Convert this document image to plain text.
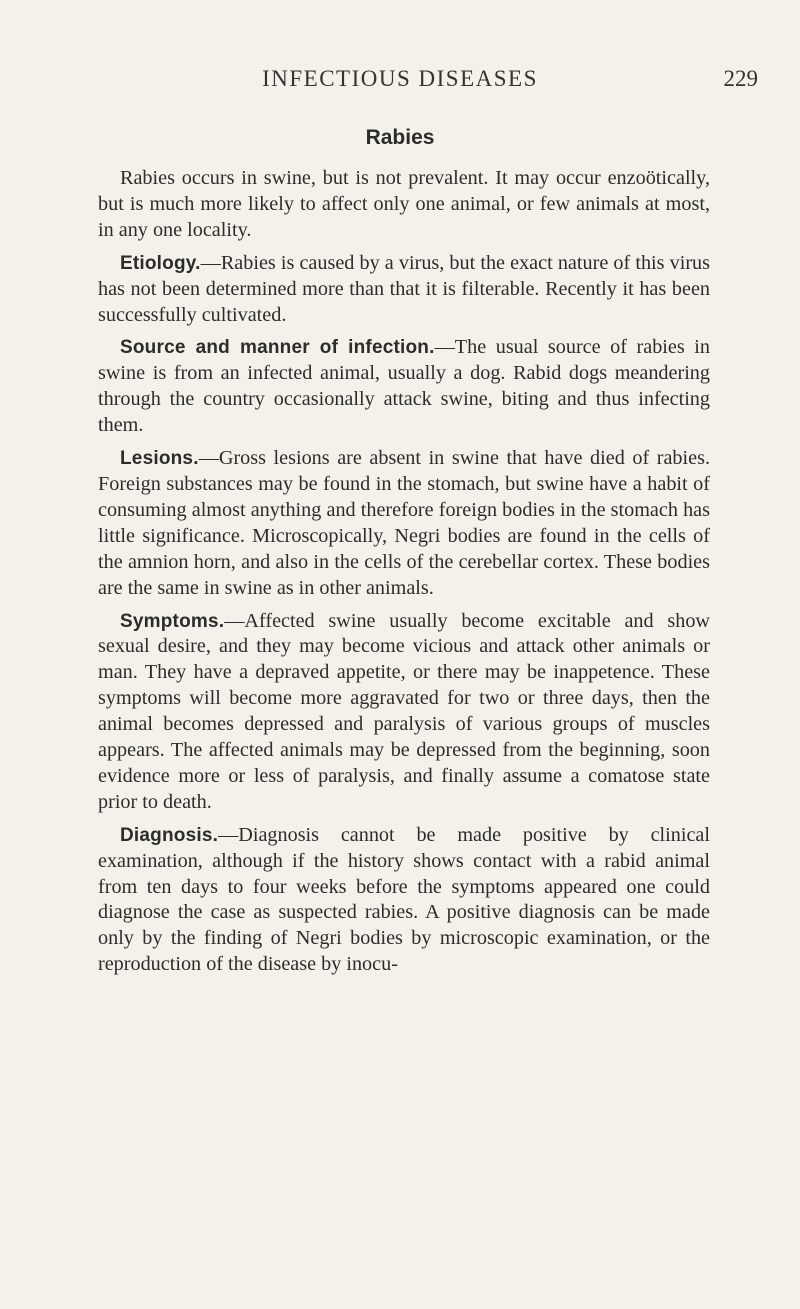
INFECTIOUS DISEASES	229
Rabies

Rabies occurs in swine, but is not prevalent. It may occur enzoötically, but is much more likely to affect only one animal, or few animals at most, in any one locality.

Etiology.—Rabies is caused by a virus, but the exact nature of this virus has not been determined more than that it is filterable. Recently it has been successfully cultivated.

Source and manner of infection.—The usual source of rabies in swine is from an infected animal, usually a dog. Rabid dogs meandering through the country occasionally attack swine, biting and thus infecting them.

Lesions.—Gross lesions are absent in swine that have died of rabies. Foreign substances may be found in the stomach, but swine have a habit of consuming almost anything and therefore foreign bodies in the stomach has little significance. Microscopically, Negri bodies are found in the cells of the amnion horn, and also in the cells of the cerebellar cortex. These bodies are the same in swine as in other animals.

Symptoms.—Affected swine usually become excitable and show sexual desire, and they may become vicious and attack other animals or man. They have a depraved appetite, or there may be inappetence. These symptoms will become more aggravated for two or three days, then the animal becomes depressed and paralysis of various groups of muscles appears. The affected animals may be depressed from the beginning, soon evidence more or less of paralysis, and finally assume a comatose state prior to death.

Diagnosis.—Diagnosis cannot be made positive by clinical examination, although if the history shows contact with a rabid animal from ten days to four weeks before the symptoms appeared one could diagnose the case as suspected rabies. A positive diagnosis can be made only by the finding of Negri bodies by microscopic examination, or the reproduction of the disease by inocu-
